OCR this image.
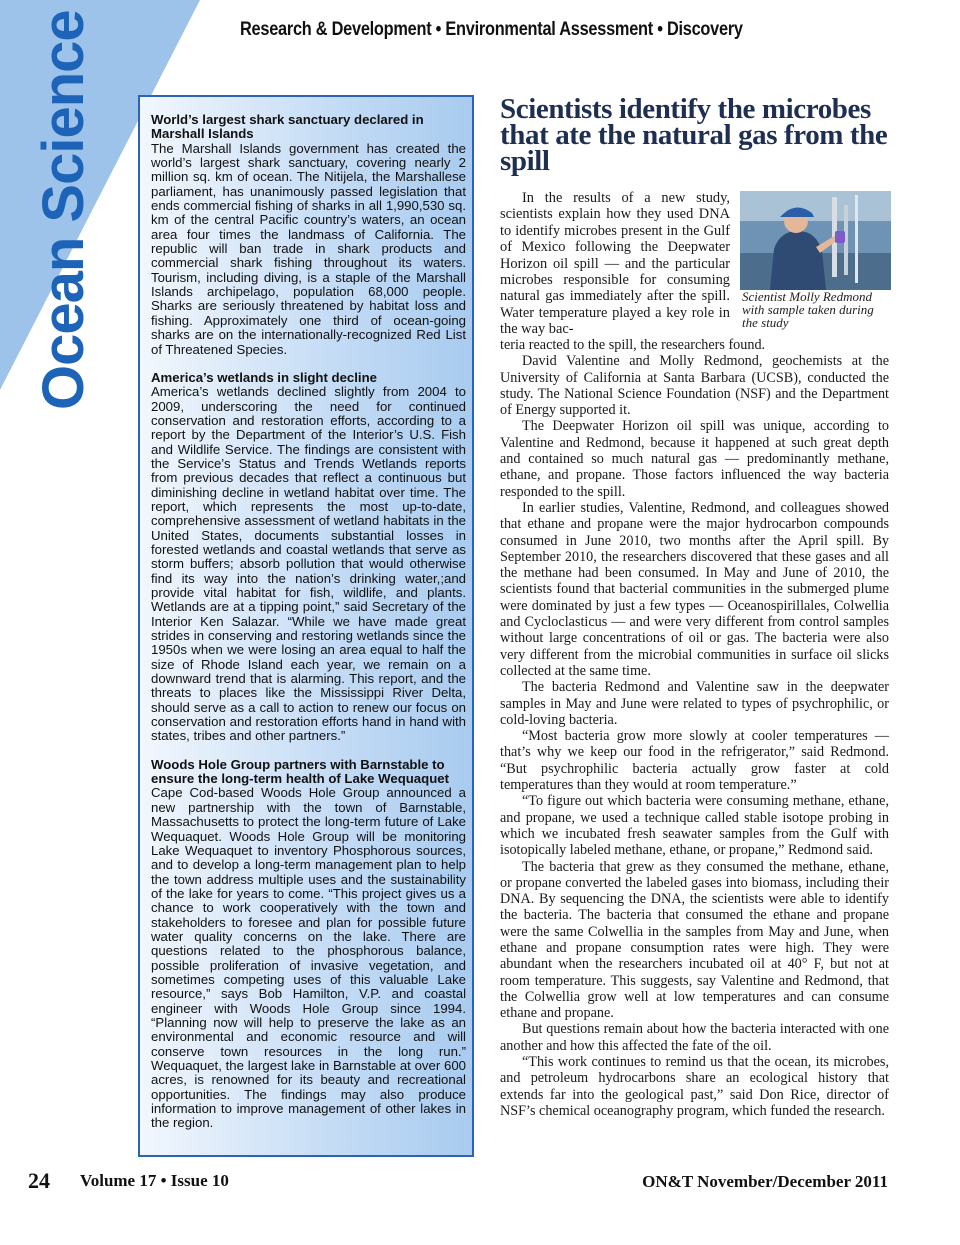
Research & Development • Environmental Assessment • Discovery
Ocean Science	World’s largest shark sanctuary declared in Marshall Islands
The Marshall Islands government has created the world’s largest shark sanctuary, covering nearly 2 million sq. km of ocean. The Nitijela, the Marshallese parliament, has unanimously passed legislation that ends commercial fishing of sharks in all 1,990,530 sq. km of the central Pacific country’s waters, an ocean area four times the landmass of California. The republic will ban trade in shark products and commercial shark fishing throughout its waters. Tourism, including diving, is a staple of the Marshall Islands archipelago, population 68,000 people. Sharks are seriously threatened by habitat loss and fishing. Approximately one third of ocean-going sharks are on the internationally-recognized Red List of Threatened Species.
America’s wetlands in slight decline
America’s wetlands declined slightly from 2004 to 2009, underscoring the need for continued conservation and restoration efforts, according to a report by the Department of the Interior’s U.S. Fish and Wildlife Service. The findings are consistent with the Service’s Status and Trends Wetlands reports from previous decades that reflect a continuous but diminishing decline in wetland habitat over time. The report, which represents the most up-to-date, comprehensive assessment of wetland habitats in the United States, documents substantial losses in forested wetlands and coastal wetlands that serve as storm buffers; absorb pollution that would otherwise find its way into the nation’s drinking water,;and provide vital habitat for fish, wildlife, and plants. Wetlands are at a tipping point,” said Secretary of the Interior Ken Salazar. “While we have made great strides in conserving and restoring wetlands since the 1950s when we were losing an area equal to half the size of Rhode Island each year, we remain on a downward trend that is alarming. This report, and the threats to places like the Mississippi River Delta, should serve as a call to action to renew our focus on conservation and restoration efforts hand in hand with states, tribes and other partners.”
Woods Hole Group partners with Barnstable to ensure the long-term health of Lake Wequaquet
Cape Cod-based Woods Hole Group announced a new partnership with the town of Barnstable, Massachusetts to protect the long-term future of Lake Wequaquet. Woods Hole Group will be monitoring Lake Wequaquet to inventory Phosphorous sources, and to develop a long-term management plan to help the town address multiple uses and the sustainability of the lake for years to come. “This project gives us a chance to work cooperatively with the town and stakeholders to foresee and plan for possible future water quality concerns on the lake. There are questions related to the phosphorous balance, possible proliferation of invasive vegetation, and sometimes competing uses of this valuable Lake resource,” says Bob Hamilton, V.P. and coastal engineer with Woods Hole Group since 1994. “Planning now will help to preserve the lake as an environmental and economic resource and will conserve town resources in the long run.” Wequaquet, the largest lake in Barnstable at over 600 acres, is renowned for its beauty and recreational opportunities. The findings may also produce information to improve management of other lakes in the region.
Scientists identify the microbes that ate the natural gas from the spill
Scientist Molly Redmond with sample taken during the study

In the results of a new study, scientists explain how they used DNA to identify microbes present in the Gulf of Mexico following the Deepwater Horizon oil spill — and the particular microbes responsible for consuming natural gas immediately after the spill. Water temperature played a key role in the way bac-

teria reacted to the spill, the researchers found.

David Valentine and Molly Redmond, geochemists at the University of California at Santa Barbara (UCSB), conducted the study. The National Science Foundation (NSF) and the Department of Energy supported it.

The Deepwater Horizon oil spill was unique, according to Valentine and Redmond, because it happened at such great depth and contained so much natural gas — predominantly methane, ethane, and propane. Those factors influenced the way bacteria responded to the spill.

In earlier studies, Valentine, Redmond, and colleagues showed that ethane and propane were the major hydrocarbon compounds consumed in June 2010, two months after the April spill. By September 2010, the researchers discovered that these gases and all the methane had been consumed. In May and June of 2010, the scientists found that bacterial communities in the submerged plume were dominated by just a few types — Oceanospirillales, Colwellia and Cycloclasticus — and were very different from control samples without large concentrations of oil or gas. The bacteria were also very different from the microbial communities in surface oil slicks collected at the same time.

The bacteria Redmond and Valentine saw in the deepwater samples in May and June were related to types of psychrophilic, or cold-loving bacteria.

“Most bacteria grow more slowly at cooler temperatures — that’s why we keep our food in the refrigerator,” said Redmond. “But psychrophilic bacteria actually grow faster at cold temperatures than they would at room temperature.”

“To figure out which bacteria were consuming methane, ethane, and propane, we used a technique called stable isotope probing in which we incubated fresh seawater samples from the Gulf with isotopically labeled methane, ethane, or propane,” Redmond said.

The bacteria that grew as they consumed the methane, ethane, or propane converted the labeled gases into biomass, including their DNA. By sequencing the DNA, the scientists were able to identify the bacteria. The bacteria that consumed the ethane and propane were the same Colwellia in the samples from May and June, when ethane and propane consumption rates were high. They were abundant when the researchers incubated oil at 40° F, but not at room temperature. This suggests, say Valentine and Redmond, that the Colwellia grow well at low temperatures and can consume ethane and propane.

But questions remain about how the bacteria interacted with one another and how this affected the fate of the oil.

“This work continues to remind us that the ocean, its microbes, and petroleum hydrocarbons share an ecological history that extends far into the geological past,” said Don Rice, director of NSF’s chemical oceanography program, which funded the research.

24 Volume 17 • Issue 10	ON&T November/December 2011
